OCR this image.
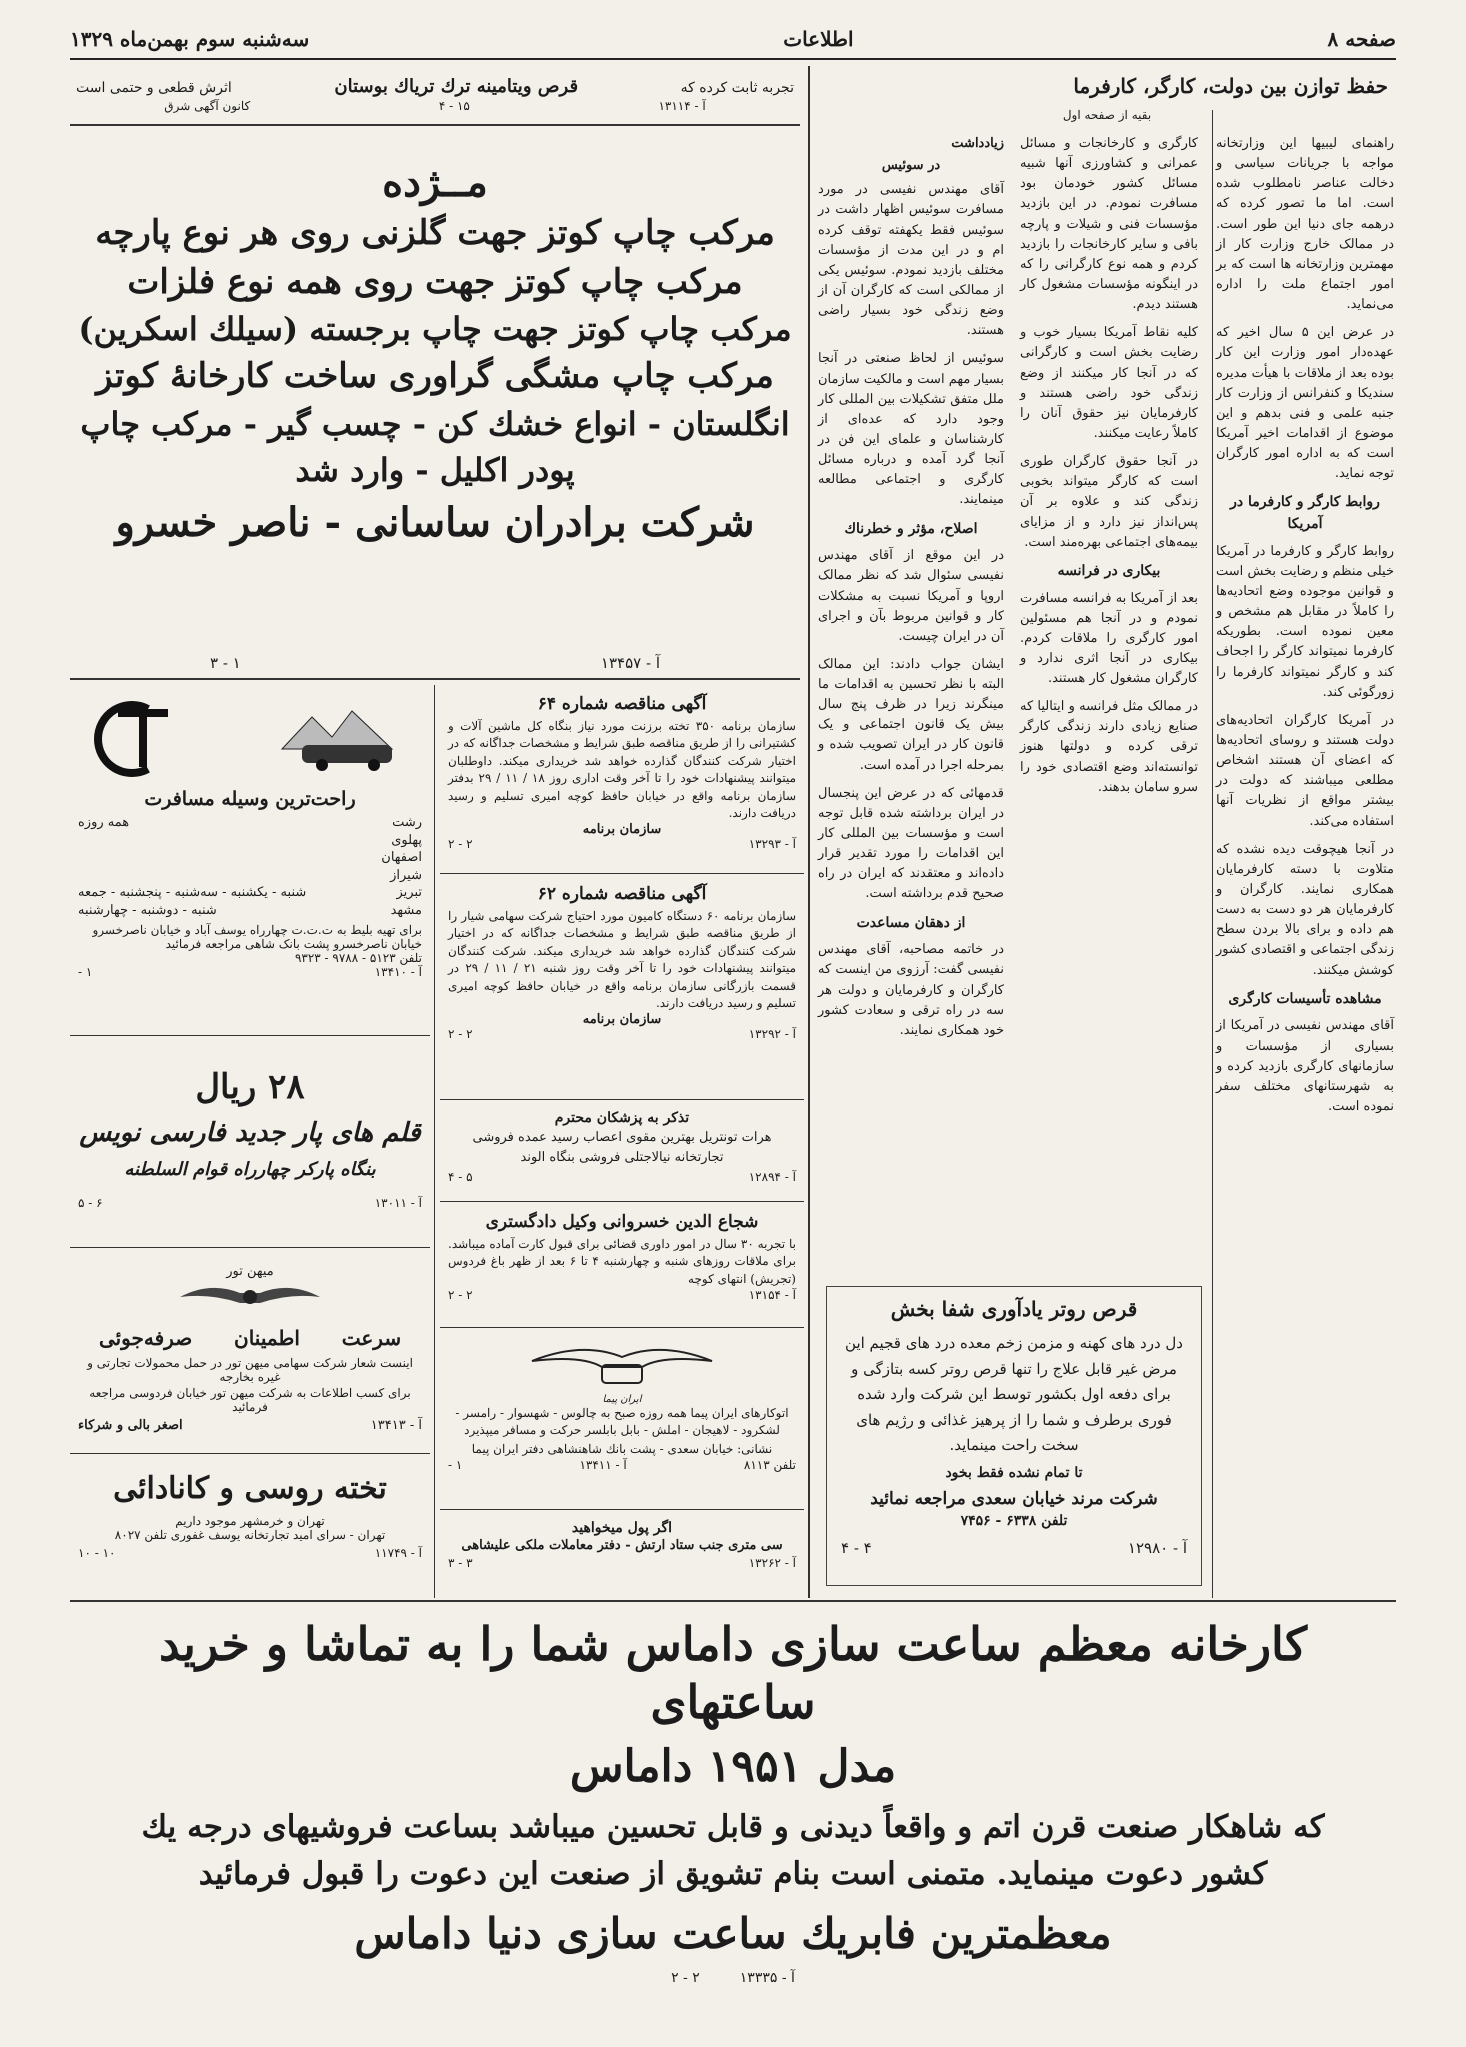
صفحه ۸
اطلاعات
سه‌شنبه سوم بهمن‌ماه ۱۳۲۹
حفظ توازن بین دولت، کارگر، کارفرما
بقیه از صفحه اول

راهنمای لیبیها این وزارتخانه مواجه با جریانات سیاسی و دخالت عناصر نامطلوب شده است. اما ما تصور کرده که درهمه جای دنیا این طور است. در ممالک خارج وزارت کار از مهمترین وزارتخانه ها است که بر امور اجتماع ملت را اداره می‌نماید.

در عرض این ۵ سال اخیر که عهده‌دار امور وزارت این کار بوده بعد از ملاقات با هیأت مدیره سندیکا و کنفرانس از وزارت کار جنبه علمی و فنی بدهم و این موضوع از اقدامات اخیر آمریکا است که به اداره امور کارگران توجه نماید.

روابط کارگر و کارفرما در آمریکا

روابط کارگر و کارفرما در آمریکا خیلی منظم و رضایت بخش است و قوانین موجوده وضع اتحادیه‌ها را کاملاً در مقابل هم مشخص و معین نموده است. بطوریکه کارفرما نمیتواند کارگر را اجحاف کند و کارگر نمیتواند کارفرما را زورگوئی کند.

در آمریکا کارگران اتحادیه‌های دولت هستند و روسای اتحادیه‌ها که اعضای آن هستند اشخاص مطلعی میباشند که دولت در بیشتر مواقع از نظریات آنها استفاده می‌کند.

در آنجا هیچوقت دیده نشده که متلاوت با دسته کارفرمایان همکاری نمایند. کارگران و کارفرمایان هر دو دست به دست هم داده و برای بالا بردن سطح زندگی اجتماعی و اقتصادی کشور کوشش میکنند.

مشاهده تأسیسات کارگری

آقای مهندس نفیسی در آمریکا از بسیاری از مؤسسات و سازمانهای کارگری بازدید کرده و به شهرستانهای مختلف سفر نموده است.

کارگری و کارخانجات و مسائل عمرانی و کشاورزی آنها شبیه مسائل کشور خودمان بود مسافرت نمودم. در این بازدید مؤسسات فنی و شیلات و پارچه بافی و سایر کارخانجات را بازدید کردم و همه نوع کارگرانی را که در اینگونه مؤسسات مشغول کار هستند دیدم.

کلیه نقاط آمریکا بسیار خوب و رضایت بخش است و کارگرانی که در آنجا کار میکنند از وضع زندگی خود راضی هستند و کارفرمایان نیز حقوق آنان را کاملاً رعایت میکنند.

در آنجا حقوق کارگران طوری است که کارگر میتواند بخوبی زندگی کند و علاوه بر آن پس‌انداز نیز دارد و از مزایای بیمه‌های اجتماعی بهره‌مند است.

بیکاری در فرانسه

بعد از آمریکا به فرانسه مسافرت نمودم و در آنجا هم مسئولین امور کارگری را ملاقات کردم. بیکاری در آنجا اثری ندارد و کارگران مشغول کار هستند.

در ممالک مثل فرانسه و ایتالیا که صنایع زیادی دارند زندگی کارگر ترقی کرده و دولتها هنوز توانسته‌اند وضع اقتصادی خود را سرو سامان بدهند.

زیادداشت
در سوئیس

آقای مهندس نفیسی در مورد مسافرت سوئیس اظهار داشت در سوئیس فقط یکهفته توقف کرده ام و در این مدت از مؤسسات مختلف بازدید نمودم. سوئیس یکی از ممالکی است که کارگران آن از وضع زندگی خود بسیار راضی هستند.

سوئیس از لحاظ صنعتی در آنجا بسیار مهم است و مالکیت سازمان ملل متفق تشکیلات بین المللی کار وجود دارد که عده‌ای از کارشناسان و علمای این فن در آنجا گرد آمده و درباره مسائل کارگری و اجتماعی مطالعه مینمایند.

اصلاح، مؤثر و خطرناك

در این موقع از آقای مهندس نفیسی سئوال شد که نظر ممالک اروپا و آمریکا نسبت به مشکلات کار و قوانین مربوط بآن و اجرای آن در ایران چیست.

ایشان جواب دادند: این ممالک البته با نظر تحسین به اقدامات ما مینگرند زیرا در ظرف پنج سال بیش یک قانون اجتماعی و یک قانون کار در ایران تصویب شده و بمرحله اجرا در آمده است.

قدمهائی که در عرض این پنجسال در ایران برداشته شده قابل توجه است و مؤسسات بین المللی کار این اقدامات را مورد تقدیر قرار داده‌اند و معتقدند که ایران در راه صحیح قدم برداشته است.

از دهقان مساعدت

در خاتمه مصاحبه، آقای مهندس نفیسی گفت: آرزوی من اینست که کارگران و کارفرمایان و دولت هر سه در راه ترقی و سعادت کشور خود همکاری نمایند.

قرص روتر یادآوری شفا بخش
دل درد های کهنه و مزمن زخم معده درد های قجیم این مرض غیر قابل علاج را تنها قرص روتر کسه بتازگی و برای دفعه اول بکشور توسط این شرکت وارد شده فوری برطرف و شما را از پرهیز غذائی و رژیم های سخت راحت مینماید.
تا تمام نشده فقط بخود
شرکت مرند خیابان سعدی مراجعه نمائید
تلفن ۶۳۳۸ - ۷۴۵۶
آ - ۱۲۹۸۰
۴ - ۴
تجربه ثابت کرده که
قرص ویتامینه ترك تریاك بوستان
اثرش قطعی و حتمی است
آ - ۱۳۱۱۴
۱۵ - ۴
کانون آگهی شرق
مــژده
مرکب چاپ کوتز جهت گلزنی روی هر نوع پارچه
مرکب چاپ کوتز جهت روی همه نوع فلزات
مرکب چاپ کوتز جهت چاپ برجسته (سیلك اسکرین)
مرکب چاپ مشگی گراوری ساخت کارخانهٔ کوتز
انگلستان - انواع خشك کن - چسب گیر - مرکب چاپ
پودر اکلیل - وارد شد
شرکت برادران ساسانی - ناصر خسرو
آ - ۱۳۴۵۷
۱ - ۳
آگهی مناقصه شماره ۶۴
سازمان برنامه ۳۵۰ تخته برزنت مورد نیاز بنگاه کل ماشین آلات و کشتیرانی را از طریق مناقصه طبق شرایط و مشخصات جداگانه که در اختیار شرکت کنندگان گذارده خواهد شد خریداری میکند. داوطلبان میتوانند پیشنهادات خود را تا آخر وقت اداری روز ۱۸ / ۱۱ / ۲۹ بدفتر سازمان برنامه واقع در خیابان حافظ کوچه امیری تسلیم و رسید دریافت دارند.
سازمان برنامه
آ - ۱۳۲۹۳
۲ - ۲
آگهی مناقصه شماره ۶۲
سازمان برنامه ۶۰ دستگاه کامیون مورد احتیاج شرکت سهامی شیار را از طریق مناقصه طبق شرایط و مشخصات جداگانه که در اختیار شرکت کنندگان گذارده خواهد شد خریداری میکند. شرکت کنندگان میتوانند پیشنهادات خود را تا آخر وقت روز شنبه ۲۱ / ۱۱ / ۲۹ در قسمت بازرگانی سازمان برنامه واقع در خیابان حافظ کوچه امیری تسلیم و رسید دریافت دارند.
سازمان برنامه
آ - ۱۳۲۹۲
۲ - ۲
تذکر به پزشکان محترم
هرات تونتریل بهترین مقوی اعصاب رسید عمده فروشی تجارتخانه نیالاجتلی فروشی بنگاه الوند
آ - ۱۲۸۹۴
۵ - ۴
شجاع الدین خسروانی وکیل دادگستری
با تجربه ۳۰ سال در امور داوری قضائی برای قبول کارت آماده میباشد. برای ملاقات روزهای شنبه و چهارشنبه ۴ تا ۶ بعد از ظهر باغ فردوس (تجریش) انتهای کوچه
آ - ۱۳۱۵۴
۲ - ۲
ایران پیما
اتوکارهای ایران پیما همه روزه صبح به چالوس - شهسوار - رامسر - لشکرود - لاهیجان - املش - بابل بابلسر حرکت و مسافر میپذیرد
نشانی: خیابان سعدی - پشت بانك شاهنشاهی دفتر ایران پیما
تلفن ۸۱۱۳
آ - ۱۳۴۱۱
۱ -
اگر پول میخواهید
سی متری جنب ستاد ارتش - دفتر معاملات ملکی علیشاهی
آ - ۱۳۲۶۲
۳ - ۳
راحت‌ترین وسیله مسافرت
رشت
همه روزه
پهلوی
اصفهان
شیراز
تبریز
شنبه - یکشنبه - سه‌شنبه - پنجشنبه - جمعه
مشهد
شنبه - دوشنبه - چهارشنبه
برای تهیه بلیط به ت.ت.ت چهارراه یوسف آباد و خیابان ناصرخسرو
خیابان ناصرخسرو پشت بانک شاهی مراجعه فرمائید
تلفن ۵۱۲۳ - ۹۷۸۸ - ۹۳۲۳
آ - ۱۳۴۱۰
۱ -
۲۸ ریال
قلم های پار جدید فارسی نویس
بنگاه پارکر چهارراه قوام السلطنه
آ - ۱۳۰۱۱
۶ - ۵
میهن تور
سرعت
اطمینان
صرفه‌جوئی
اینست شعار شرکت سهامی میهن تور در حمل محمولات تجارتی و غیره بخارجه
برای کسب اطلاعات به شرکت میهن تور خیابان فردوسی مراجعه فرمائید
آ - ۱۳۴۱۳
اصغر بالی و شرکاء
تخته روسی و کانادائی
تهران و خرمشهر موجود داریم
تهران - سرای امید تجارتخانه یوسف غفوری تلفن ۸۰۲۷
آ - ۱۱۷۴۹
۱۰ - ۱۰
کارخانه معظم ساعت سازی داماس شما را به تماشا و خرید ساعتهای
مدل ۱۹۵۱ داماس
که شاهکار صنعت قرن اتم و واقعاً دیدنی و قابل تحسین میباشد بساعت فروشیهای درجه یك
کشور دعوت مینماید. متمنی است بنام تشویق از صنعت این دعوت را قبول فرمائید
معظمترین فابریك ساعت سازی دنیا داماس
آ - ۱۳۳۳۵
۲ - ۲
